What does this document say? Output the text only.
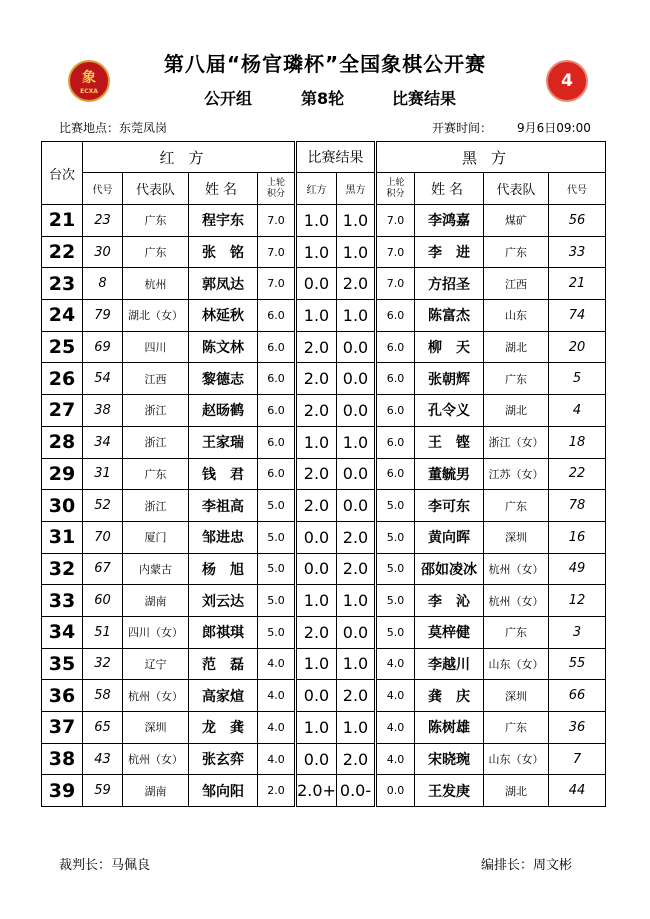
象
ECXA
4
第八届“杨官璘杯”全国象棋公开赛
公开组	第8轮	比赛结果
比赛地点：东莞凤岗	开赛时间： 9月6日09:00
台次	红方				比赛结果		黑方			
	代号	代表队	姓名	上轮
积分	红方	黑方	上轮
积分	姓名	代表队	代号
21	23	广东	程宇东	7.0	1.0	1.0	7.0	李鸿嘉	煤矿	56
22	30	广东	张　铭	7.0	1.0	1.0	7.0	李　进	广东	33
23	8	杭州	郭凤达	7.0	0.0	2.0	7.0	方招圣	江西	21
24	79	湖北（女）	林延秋	6.0	1.0	1.0	6.0	陈富杰	山东	74
25	69	四川	陈文林	6.0	2.0	0.0	6.0	柳　天	湖北	20
26	54	江西	黎德志	6.0	2.0	0.0	6.0	张朝辉	广东	5
27	38	浙江	赵旸鹤	6.0	2.0	0.0	6.0	孔令义	湖北	4
28	34	浙江	王家瑞	6.0	1.0	1.0	6.0	王　铿	浙江（女）	18
29	31	广东	钱　君	6.0	2.0	0.0	6.0	董毓男	江苏（女）	22
30	52	浙江	李祖高	5.0	2.0	0.0	5.0	李可东	广东	78
31	70	厦门	邹进忠	5.0	0.0	2.0	5.0	黄向晖	深圳	16
32	67	内蒙古	杨　旭	5.0	0.0	2.0	5.0	邵如凌冰	杭州（女）	49
33	60	湖南	刘云达	5.0	1.0	1.0	5.0	李　沁	杭州（女）	12
34	51	四川（女）	郎祺琪	5.0	2.0	0.0	5.0	莫梓健	广东	3
35	32	辽宁	范　磊	4.0	1.0	1.0	4.0	李越川	山东（女）	55
36	58	杭州（女）	高家煊	4.0	0.0	2.0	4.0	龚　庆	深圳	66
37	65	深圳	龙　龚	4.0	1.0	1.0	4.0	陈树雄	广东	36
38	43	杭州（女）	张玄弈	4.0	0.0	2.0	4.0	宋晓琬	山东（女）	7
39	59	湖南	邹向阳	2.0	2.0+	0.0-	0.0	王发庚	湖北	44
裁判长：马佩良	编排长：周文彬
